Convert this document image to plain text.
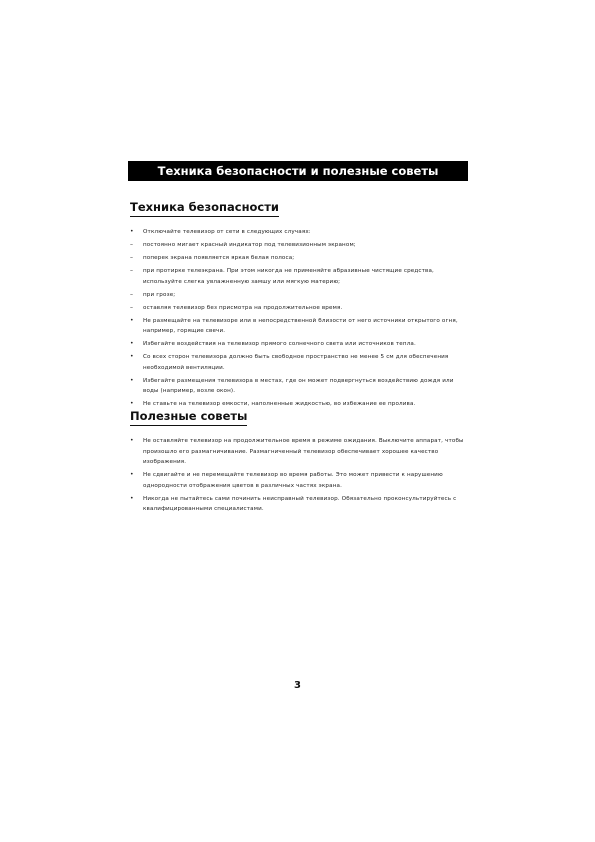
Техника безопасности и полезные советы
Техника безопасности
•	Отключайте телевизор от сети в следующих случаях:
–	постоянно мигает красный индикатор под телевизионным экраном;
–	поперек экрана появляется яркая белая полоса;
–	при протирке телеэкрана. При этом никогда не применяйте абразивные чистящие средства, используйте слегка увлажненную замшу или мягкую материю;
–	при грозе;
–	оставляя телевизор без присмотра на продолжительное время.
•	Не размещайте на телевизоре или в непосредственной близости от него источники открытого огня, например, горящие свечи.
•	Избегайте воздействия на телевизор прямого солнечного света или источников тепла.
•	Со всех сторон телевизора должно быть свободное пространство не менее 5 см для обеспечения необходимой вентиляции.
•	Избегайте размещения телевизора в местах, где он может подвергнуться воздействию дождя или воды (например, возле окон).
•	Не ставьте на телевизор емкости, наполненные жидкостью, во избежание ее пролива.
Полезные советы
•	Не оставляйте телевизор на продолжительное время в режиме ожидания. Выключите аппарат, чтобы произошло его размагничивание. Размагниченный телевизор обеспечивает хорошее качество изображения.
•	Не сдвигайте и не перемещайте телевизор во время работы. Это может привести к нарушению однородности отображения цветов в различных частях экрана.
•	Никогда не пытайтесь сами починить неисправный телевизор. Обязательно проконсультируйтесь с квалифицированными специалистами.
3
